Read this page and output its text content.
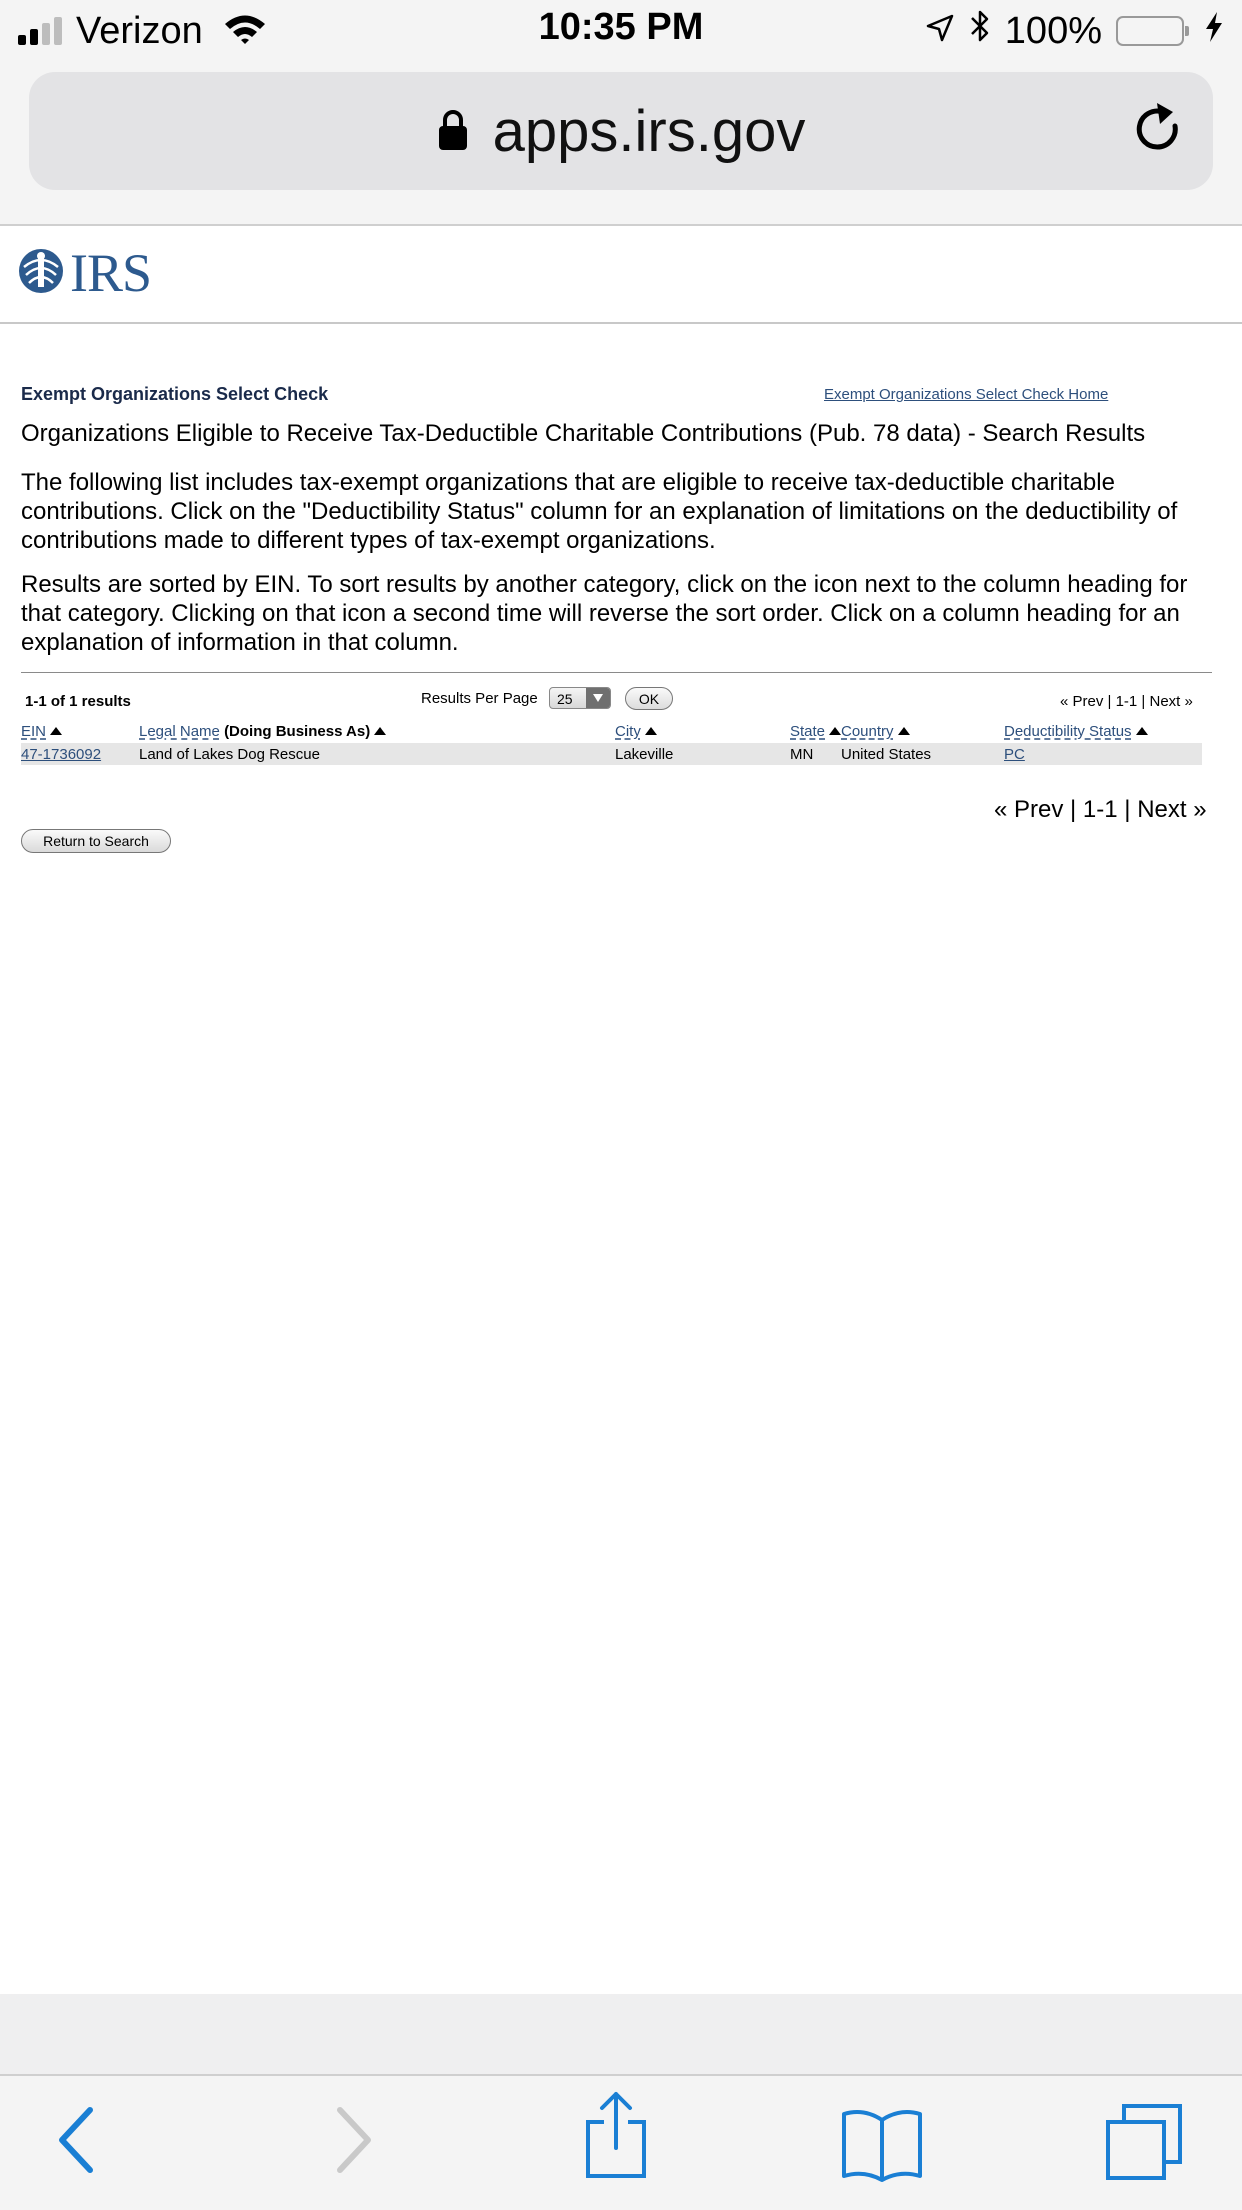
Verizon	10:35 PM	100%
apps.irs.gov
IRS
Exempt Organizations Select Check	Exempt Organizations Select Check Home
Organizations Eligible to Receive Tax-Deductible Charitable Contributions (Pub. 78 data) - Search Results
The following list includes tax-exempt organizations that are eligible to receive tax-deductible charitable contributions. Click on the "Deductibility Status" column for an explanation of limitations on the deductibility of contributions made to different types of tax-exempt organizations.
Results are sorted by EIN. To sort results by another category, click on the icon next to the column heading for that category. Clicking on that icon a second time will reverse the sort order. Click on a column heading for an explanation of information in that column.
1-1 of 1 results	Results Per Page 25	OK	« Prev | 1-1 | Next »
EIN	Legal Name (Doing Business As)	City	State	Country	Deductibility Status
47-1736092	Land of Lakes Dog Rescue	Lakeville	MN United States	PC
« Prev | 1-1 | Next »
Return to Search
